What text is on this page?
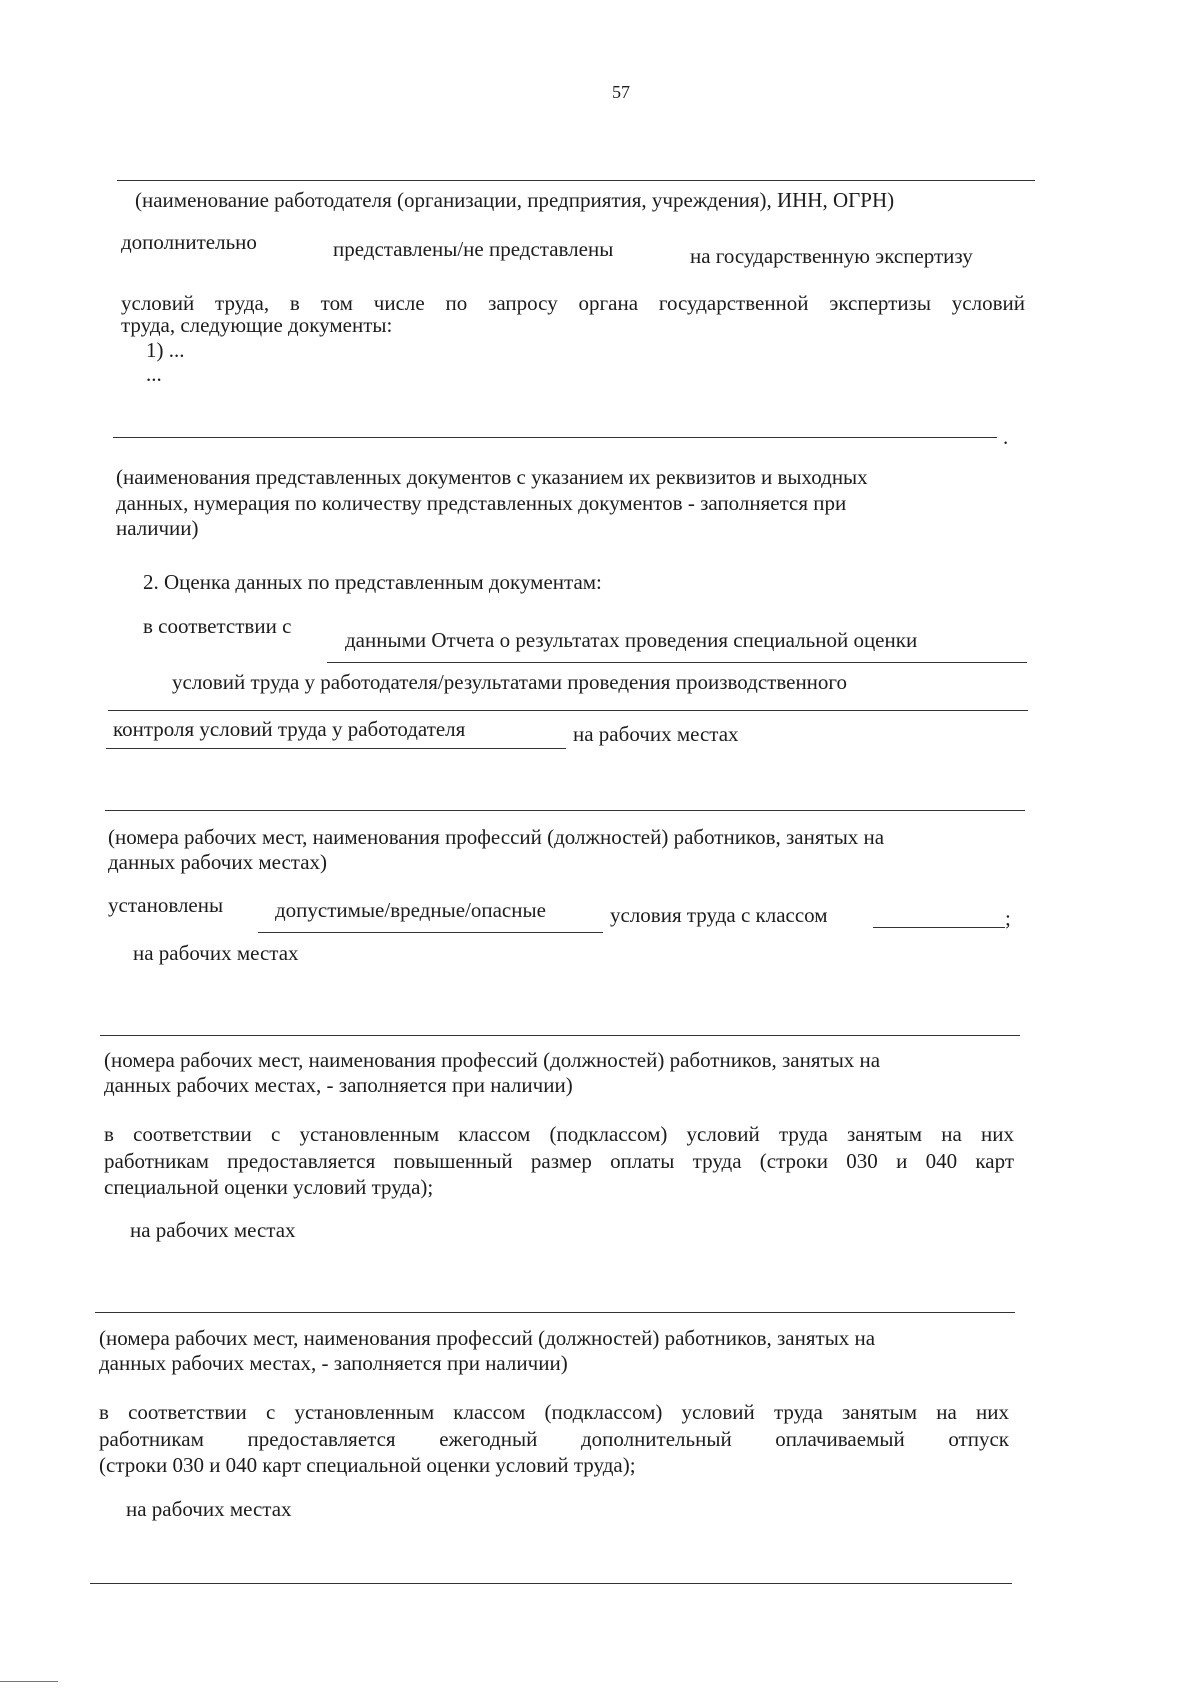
57
(наименование работодателя (организации, предприятия, учреждения), ИНН, ОГРН)
дополнительно	представлены/не представлены	на государственную экспертизу
условий труда, в том числе по запросу органа государственной экспертизы условий
труда, следующие документы:
1) ...
...
.
(наименования представленных документов с указанием их реквизитов и выходных
данных, нумерация по количеству представленных документов - заполняется при
наличии)
2. Оценка данных по представленным документам:
в соответствии с
данными Отчета о результатах проведения специальной оценки
условий труда у работодателя/результатами проведения производственного
контроля условий труда у работодателя	на рабочих местах
(номера рабочих мест, наименования профессий (должностей) работников, занятых на
данных рабочих местах)
установлены допустимые/вредные/опасные	условия труда с классом	;
на рабочих местах
(номера рабочих мест, наименования профессий (должностей) работников, занятых на
данных рабочих местах, - заполняется при наличии)
в соответствии с установленным классом (подклассом) условий труда занятым на них
работникам предоставляется повышенный размер оплаты труда (строки 030 и 040 карт
специальной оценки условий труда);
на рабочих местах
(номера рабочих мест, наименования профессий (должностей) работников, занятых на
данных рабочих местах, - заполняется при наличии)
в соответствии с установленным классом (подклассом) условий труда занятым на них
работникам предоставляется ежегодный дополнительный оплачиваемый отпуск
(строки 030 и 040 карт специальной оценки условий труда);
на рабочих местах
